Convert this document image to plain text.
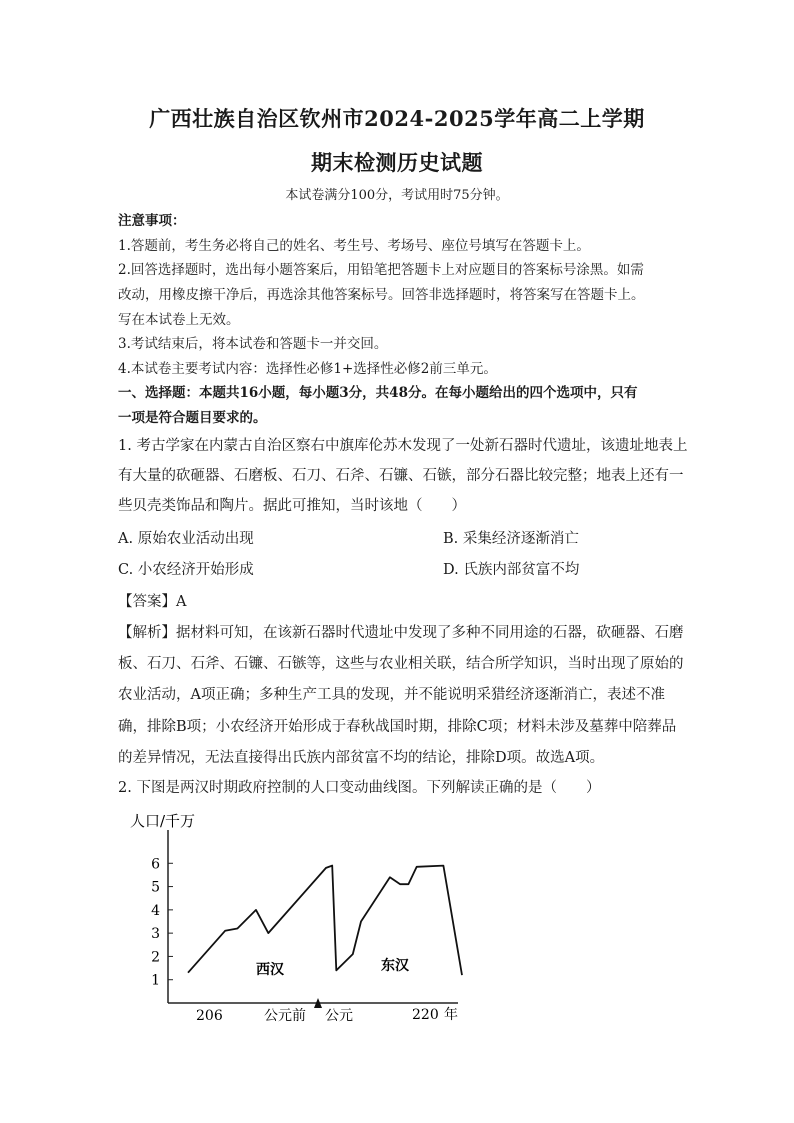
广西壮族自治区钦州市2024-2025学年高二上学期
期末检测历史试题
本试卷满分100分，考试用时75分钟。
注意事项：
1.答题前，考生务必将自己的姓名、考生号、考场号、座位号填写在答题卡上。
2.回答选择题时，选出每小题答案后，用铅笔把答题卡上对应题目的答案标号涂黑。如需
改动，用橡皮擦干净后，再选涂其他答案标号。回答非选择题时，将答案写在答题卡上。
写在本试卷上无效。
3.考试结束后，将本试卷和答题卡一并交回。
4.本试卷主要考试内容：选择性必修1+选择性必修2前三单元。
一、选择题：本题共16小题，每小题3分，共48分。在每小题给出的四个选项中，只有
一项是符合题目要求的。
1. 考古学家在内蒙古自治区察右中旗库伦苏木发现了一处新石器时代遗址，该遗址地表上
有大量的砍砸器、石磨板、石刀、石斧、石镰、石镞，部分石器比较完整；地表上还有一
些贝壳类饰品和陶片。据此可推知，当时该地（　　）
A. 原始农业活动出现	B. 采集经济逐渐消亡
C. 小农经济开始形成	D. 氏族内部贫富不均
【答案】A
【解析】据材料可知，在该新石器时代遗址中发现了多种不同用途的石器，砍砸器、石磨
板、石刀、石斧、石镰、石镞等，这些与农业相关联，结合所学知识，当时出现了原始的
农业活动，A项正确；多种生产工具的发现，并不能说明采猎经济逐渐消亡，表述不准
确，排除B项；小农经济开始形成于春秋战国时期，排除C项；材料未涉及墓葬中陪葬品
的差异情况，无法直接得出氏族内部贫富不均的结论，排除D项。故选A项。
2. 下图是两汉时期政府控制的人口变动曲线图。下列解读正确的是（　　）
1
2
3
4
5
6
人口/千万
206	公元前 公元	220 年
西汉	东汉
